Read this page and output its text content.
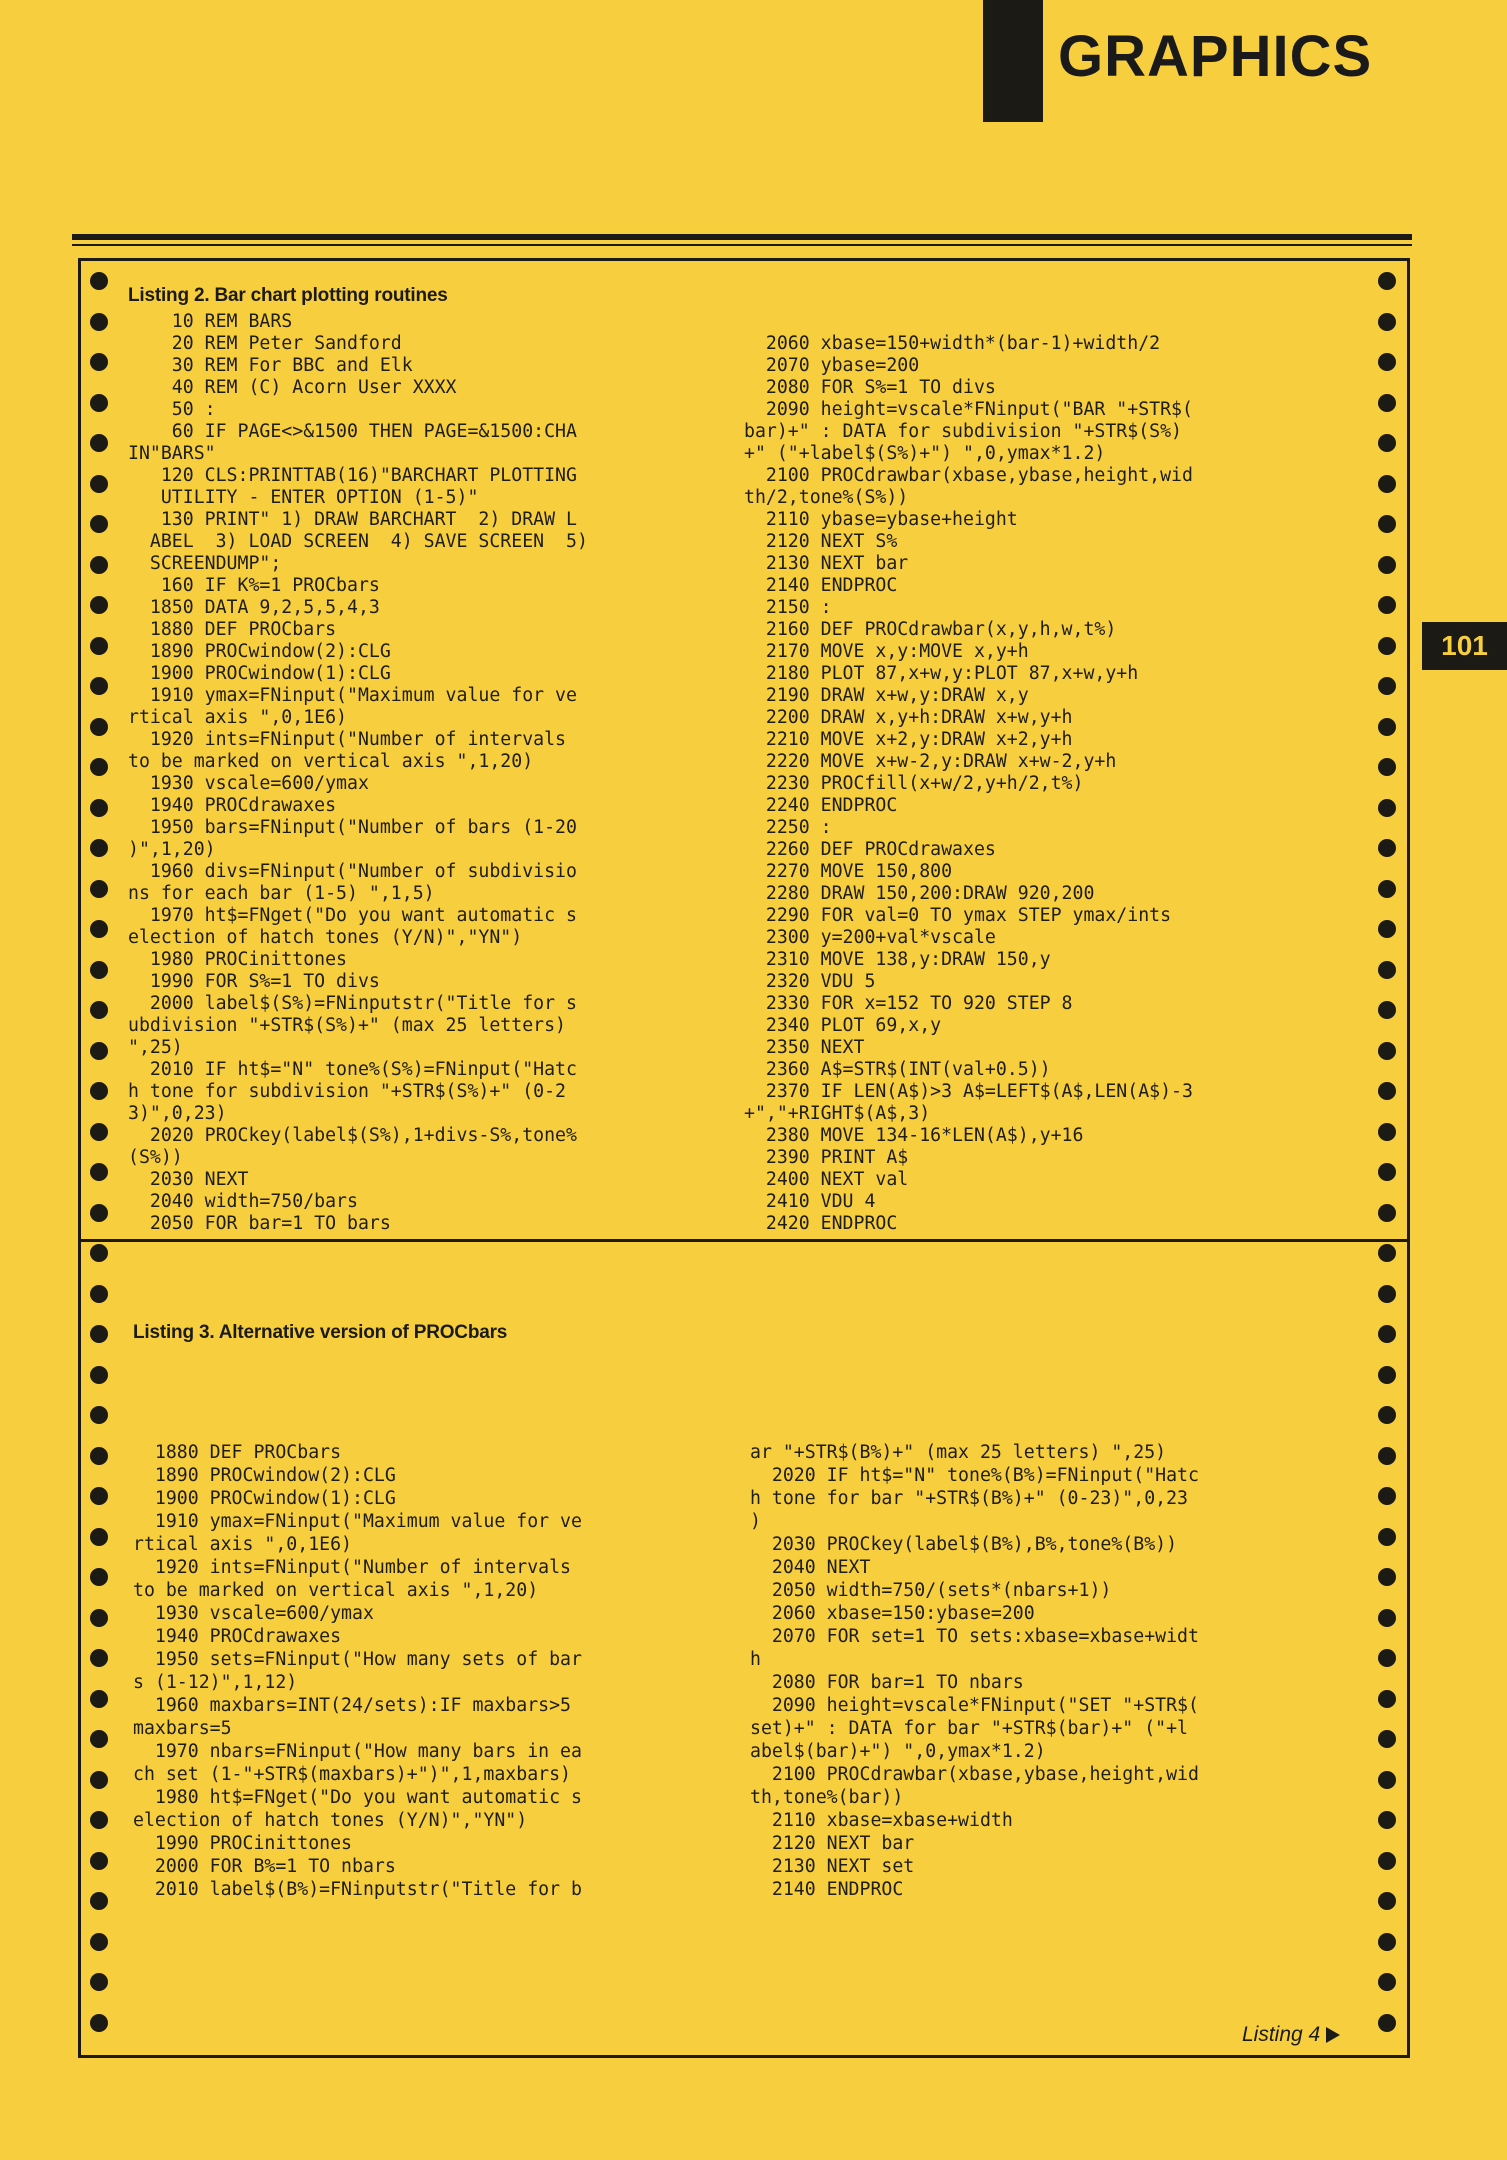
GRAPHICS
101
Listing 2. Bar chart plotting routines
10 REM BARS
20 REM Peter Sandford
30 REM For BBC and Elk
40 REM (C) Acorn User XXXX
50 :
60 IF PAGE<>&1500 THEN PAGE=&1500:CHA
IN"BARS"
120 CLS:PRINTTAB(16)"BARCHART PLOTTING
UTILITY - ENTER OPTION (1-5)"
130 PRINT" 1) DRAW BARCHART  2) DRAW L
ABEL  3) LOAD SCREEN  4) SAVE SCREEN  5)
SCREENDUMP";
160 IF K%=1 PROCbars
1850 DATA 9,2,5,5,4,3
1880 DEF PROCbars
1890 PROCwindow(2):CLG
1900 PROCwindow(1):CLG
1910 ymax=FNinput("Maximum value for ve
rtical axis ",0,1E6)
1920 ints=FNinput("Number of intervals
to be marked on vertical axis ",1,20)
1930 vscale=600/ymax
1940 PROCdrawaxes
1950 bars=FNinput("Number of bars (1-20
)",1,20)
1960 divs=FNinput("Number of subdivisio
ns for each bar (1-5) ",1,5)
1970 ht$=FNget("Do you want automatic s
election of hatch tones (Y/N)","YN")
1980 PROCinittones
1990 FOR S%=1 TO divs
2000 label$(S%)=FNinputstr("Title for s
ubdivision "+STR$(S%)+" (max 25 letters)
",25)
2010 IF ht$="N" tone%(S%)=FNinput("Hatc
h tone for subdivision "+STR$(S%)+" (0-2
3)",0,23)
2020 PROCkey(label$(S%),1+divs-S%,tone%
(S%))
2030 NEXT
2040 width=750/bars
2050 FOR bar=1 TO bars

2060 xbase=150+width*(bar-1)+width/2
2070 ybase=200
2080 FOR S%=1 TO divs
2090 height=vscale*FNinput("BAR "+STR$(
bar)+" : DATA for subdivision "+STR$(S%)
+" ("+label$(S%)+") ",0,ymax*1.2)
2100 PROCdrawbar(xbase,ybase,height,wid
th/2,tone%(S%))
2110 ybase=ybase+height
2120 NEXT S%
2130 NEXT bar
2140 ENDPROC
2150 :
2160 DEF PROCdrawbar(x,y,h,w,t%)
2170 MOVE x,y:MOVE x,y+h
2180 PLOT 87,x+w,y:PLOT 87,x+w,y+h
2190 DRAW x+w,y:DRAW x,y
2200 DRAW x,y+h:DRAW x+w,y+h
2210 MOVE x+2,y:DRAW x+2,y+h
2220 MOVE x+w-2,y:DRAW x+w-2,y+h
2230 PROCfill(x+w/2,y+h/2,t%)
2240 ENDPROC
2250 :
2260 DEF PROCdrawaxes
2270 MOVE 150,800
2280 DRAW 150,200:DRAW 920,200
2290 FOR val=0 TO ymax STEP ymax/ints
2300 y=200+val*vscale
2310 MOVE 138,y:DRAW 150,y
2320 VDU 5
2330 FOR x=152 TO 920 STEP 8
2340 PLOT 69,x,y
2350 NEXT
2360 A$=STR$(INT(val+0.5))
2370 IF LEN(A$)>3 A$=LEFT$(A$,LEN(A$)-3
+","+RIGHT$(A$,3)
2380 MOVE 134-16*LEN(A$),y+16
2390 PRINT A$
2400 NEXT val
2410 VDU 4
2420 ENDPROC
Listing 3. Alternative version of PROCbars
1880 DEF PROCbars
1890 PROCwindow(2):CLG
1900 PROCwindow(1):CLG
1910 ymax=FNinput("Maximum value for ve
rtical axis ",0,1E6)
1920 ints=FNinput("Number of intervals
to be marked on vertical axis ",1,20)
1930 vscale=600/ymax
1940 PROCdrawaxes
1950 sets=FNinput("How many sets of bar
s (1-12)",1,12)
1960 maxbars=INT(24/sets):IF maxbars>5
maxbars=5
1970 nbars=FNinput("How many bars in ea
ch set (1-"+STR$(maxbars)+")",1,maxbars)
1980 ht$=FNget("Do you want automatic s
election of hatch tones (Y/N)","YN")
1990 PROCinittones
2000 FOR B%=1 TO nbars
2010 label$(B%)=FNinputstr("Title for b
ar "+STR$(B%)+" (max 25 letters) ",25)
2020 IF ht$="N" tone%(B%)=FNinput("Hatc
h tone for bar "+STR$(B%)+" (0-23)",0,23
)
2030 PROCkey(label$(B%),B%,tone%(B%))
2040 NEXT
2050 width=750/(sets*(nbars+1))
2060 xbase=150:ybase=200
2070 FOR set=1 TO sets:xbase=xbase+widt
h
2080 FOR bar=1 TO nbars
2090 height=vscale*FNinput("SET "+STR$(
set)+" : DATA for bar "+STR$(bar)+" ("+l
abel$(bar)+") ",0,ymax*1.2)
2100 PROCdrawbar(xbase,ybase,height,wid
th,tone%(bar))
2110 xbase=xbase+width
2120 NEXT bar
2130 NEXT set
2140 ENDPROC
Listing 4
